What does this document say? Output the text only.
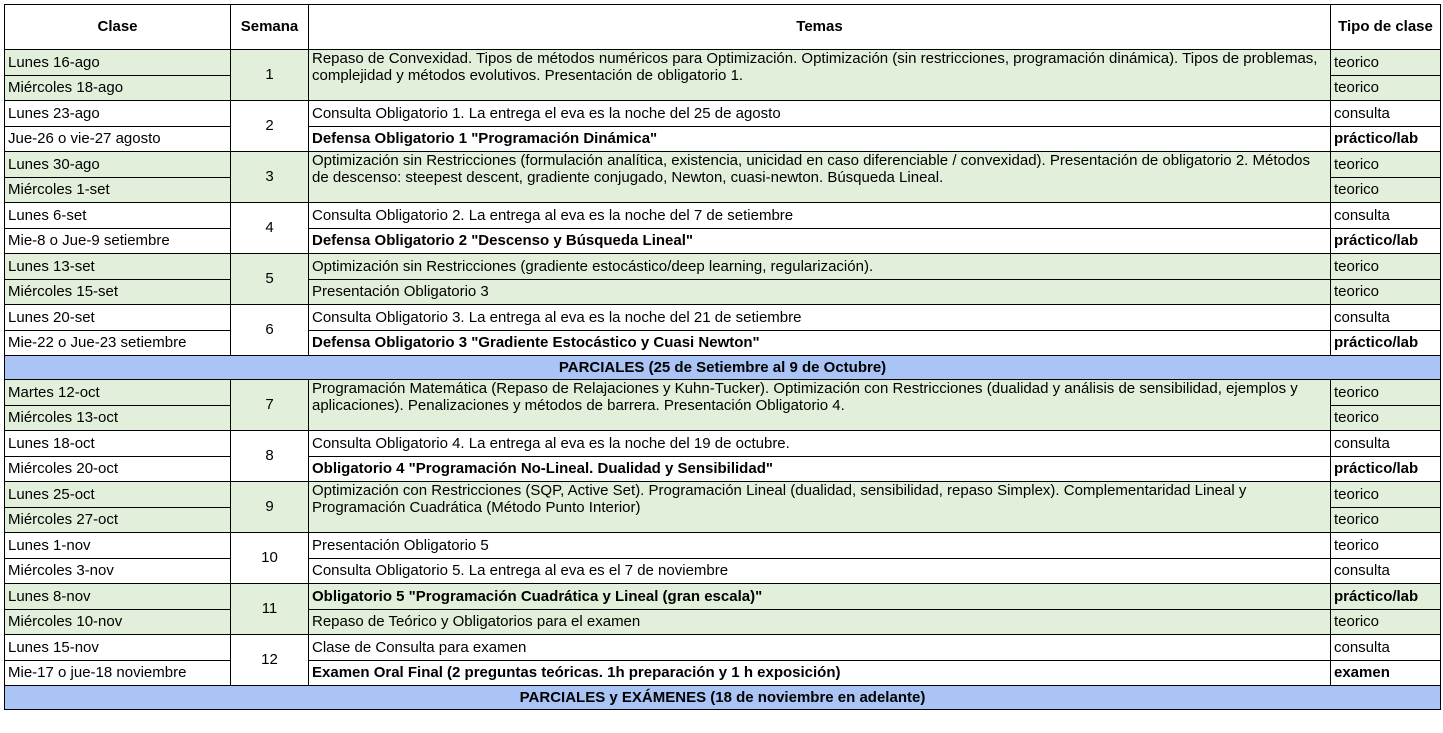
Clase	Semana	Temas	Tipo de clase
Lunes 16-ago	1	Repaso de Convexidad. Tipos de métodos numéricos para Optimización. Optimización (sin restricciones, programación dinámica). Tipos de problemas, complejidad y métodos evolutivos. Presentación de obligatorio 1.	teorico
Miércoles 18-ago			teorico
Lunes 23-ago	2	Consulta Obligatorio 1. La entrega el eva es la noche del 25 de agosto	consulta
Jue-26 o vie-27 agosto		Defensa Obligatorio 1 "Programación Dinámica"	práctico/lab
Lunes 30-ago	3	Optimización sin Restricciones (formulación analítica, existencia, unicidad en caso diferenciable / convexidad). Presentación de obligatorio 2. Métodos de descenso: steepest descent, gradiente conjugado, Newton, cuasi-newton. Búsqueda Lineal.	teorico
Miércoles 1-set			teorico
Lunes 6-set	4	Consulta Obligatorio 2. La entrega al eva es la noche del 7 de setiembre	consulta
Mie-8 o Jue-9 setiembre		Defensa Obligatorio 2 "Descenso y Búsqueda Lineal"	práctico/lab
Lunes 13-set	5	Optimización sin Restricciones (gradiente estocástico/deep learning, regularización).	teorico
Miércoles 15-set		Presentación Obligatorio 3	teorico
Lunes 20-set	6	Consulta Obligatorio 3. La entrega al eva es la noche del 21 de setiembre	consulta
Mie-22 o Jue-23 setiembre		Defensa Obligatorio 3 "Gradiente Estocástico y Cuasi Newton"	práctico/lab
PARCIALES (25 de Setiembre al 9 de Octubre)			
Martes 12-oct	7	Programación Matemática (Repaso de Relajaciones y Kuhn-Tucker). Optimización con Restricciones (dualidad y análisis de sensibilidad, ejemplos y aplicaciones). Penalizaciones y métodos de barrera. Presentación Obligatorio 4.	teorico
Miércoles 13-oct			teorico
Lunes 18-oct	8	Consulta Obligatorio 4. La entrega al eva es la noche del 19 de octubre.	consulta
Miércoles 20-oct		Obligatorio 4 "Programación No-Lineal. Dualidad y Sensibilidad"	práctico/lab
Lunes 25-oct	9	Optimización con Restricciones (SQP, Active Set). Programación Lineal (dualidad, sensibilidad, repaso Simplex). Complementaridad Lineal y Programación Cuadrática (Método Punto Interior)	teorico
Miércoles 27-oct			teorico
Lunes 1-nov	10	Presentación Obligatorio 5	teorico
Miércoles 3-nov		Consulta Obligatorio 5. La entrega al eva es el 7 de noviembre	consulta
Lunes 8-nov	11	Obligatorio 5 "Programación Cuadrática y Lineal (gran escala)"	práctico/lab
Miércoles 10-nov		Repaso de Teórico y Obligatorios para el examen	teorico
Lunes 15-nov	12	Clase de Consulta para examen	consulta
Mie-17 o jue-18 noviembre		Examen Oral Final (2 preguntas teóricas. 1h preparación y 1 h exposición)	examen
PARCIALES y EXÁMENES (18 de noviembre en adelante)			
